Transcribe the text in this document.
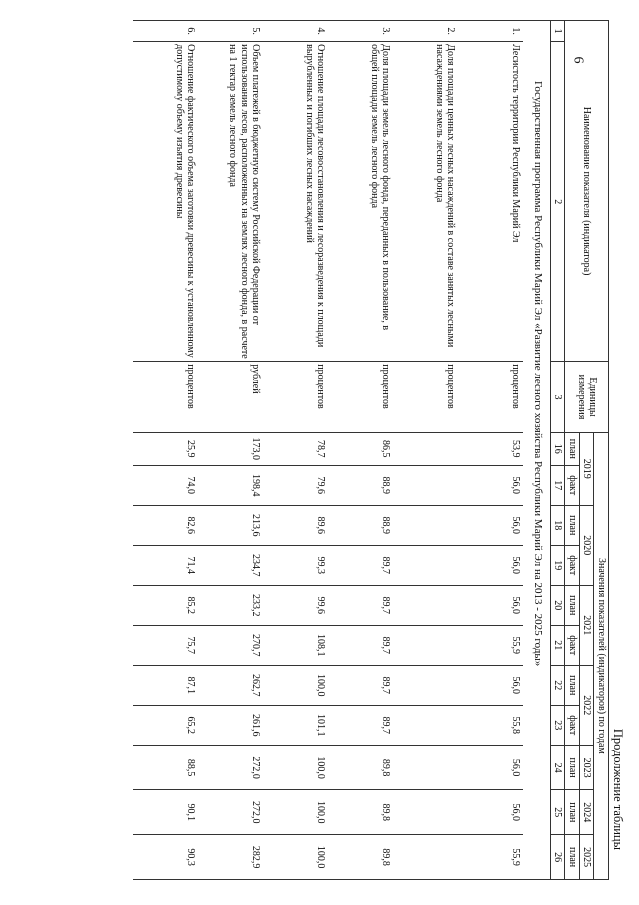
6
Продолжение таблицы
Наименование показателя (индикатора)		Единицы измерения	Значения показателей (индикаторов) по годам										
			2019		2020		2021		2022		2023	2024	2025
			план	факт	план	факт	план	факт	план	факт	план	план	план
1	2	3	16	17	18	19	20	21	22	23	24	25	26
Государственная программа Республики Марий Эл «Развитие лесного хозяйства Республики Марий Эл на 2013 - 2025 годы»													
1.	Лесистость территории Республики Марий Эл	процентов	53,9	56,0	56,0	56,0	56,0	55,9	56,0	55,8	56,0	56,0	55,9
2.	Доля площади ценных лесных насаждений в составе занятых лесными насаждениями земель лесного фонда	процентов											
3.	Доля площади земель лесного фонда, переданных в пользование, в общей площади земель лесного фонда	процентов	86,5	88,9	88,9	89,7	89,7	89,7	89,7	89,7	89,8	89,8	89,8
4.	Отношение площади лесовосстановления и лесоразведения к площади вырубленных и погибших лесных насаждений	процентов	78,7	79,6	89,6	99,3	99,6	108,1	100,0	101,1	100,0	100,0	100,0
5.	Объем платежей в бюджетную систему Российской Федерации от использования лесов, расположенных на землях лесного фонда, в расчете на 1 гектар земель лесного фонда	рублей	173,0	198,4	213,6	234,7	233,2	270,7	262,7	261,6	272,0	272,0	282,9
6.	Отношение фактического объема заготовки древесины к установленному допустимому объему изъятия древесины	процентов	25,9	74,0	82,6	71,4	85,2	75,7	87,1	65,2	88,5	90,1	90,3
